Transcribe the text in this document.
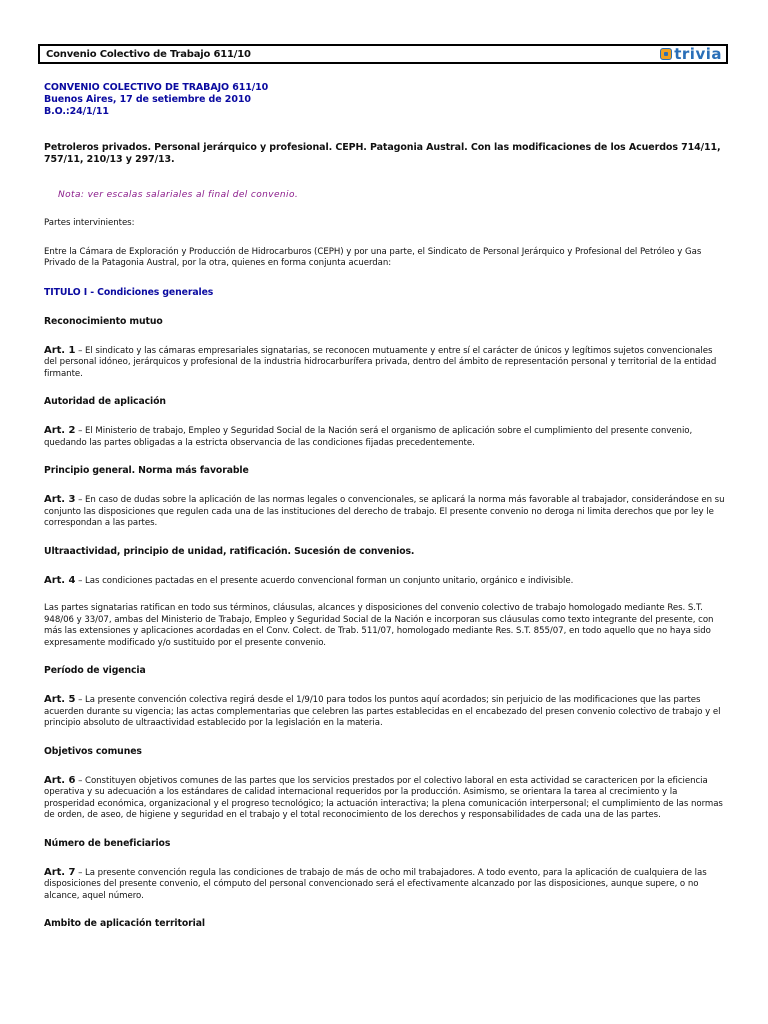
Convenio Colectivo de Trabajo 611/10	trivia

CONVENIO COLECTIVO DE TRABAJO 611/10

Buenos Aires, 17 de setiembre de 2010

B.O.:24/1/11

Petroleros privados. Personal jerárquico y profesional. CEPH. Patagonia Austral. Con las modificaciones de los Acuerdos 714/11, 757/11, 210/13 y 297/13.

Nota: ver escalas salariales al final del convenio.

Partes intervinientes:

Entre la Cámara de Exploración y Producción de Hidrocarburos (CEPH) y por una parte, el Sindicato de Personal Jerárquico y Profesional del Petróleo y Gas Privado de la Patagonia Austral, por la otra, quienes en forma conjunta acuerdan:

TITULO I - Condiciones generales

Reconocimiento mutuo

Art. 1 – El sindicato y las cámaras empresariales signatarias, se reconocen mutuamente y entre sí el carácter de únicos y legítimos sujetos convencionales del personal idóneo, jerárquicos y profesional de la industria hidrocarburífera privada, dentro del ámbito de representación personal y territorial de la entidad firmante.

Autoridad de aplicación

Art. 2 – El Ministerio de trabajo, Empleo y Seguridad Social de la Nación será el organismo de aplicación sobre el cumplimiento del presente convenio, quedando las partes obligadas a la estricta observancia de las condiciones fijadas precedentemente.

Principio general. Norma más favorable

Art. 3 – En caso de dudas sobre la aplicación de las normas legales o convencionales, se aplicará la norma más favorable al trabajador, considerándose en su conjunto las disposiciones que regulen cada una de las instituciones del derecho de trabajo. El presente convenio no deroga ni limita derechos que por ley le correspondan a las partes.

Ultraactividad, principio de unidad, ratificación. Sucesión de convenios.

Art. 4 – Las condiciones pactadas en el presente acuerdo convencional forman un conjunto unitario, orgánico e indivisible.

Las partes signatarias ratifican en todo sus términos, cláusulas, alcances y disposiciones del convenio colectivo de trabajo homologado mediante Res. S.T. 948/06 y 33/07, ambas del Ministerio de Trabajo, Empleo y Seguridad Social de la Nación e incorporan sus cláusulas como texto integrante del presente, con más las extensiones y aplicaciones acordadas en el Conv. Colect. de Trab. 511/07, homologado mediante Res. S.T. 855/07, en todo aquello que no haya sido expresamente modificado y/o sustituido por el presente convenio.

Período de vigencia

Art. 5 – La presente convención colectiva regirá desde el 1/9/10 para todos los puntos aquí acordados; sin perjuicio de las modificaciones que las partes acuerden durante su vigencia; las actas complementarias que celebren las partes establecidas en el encabezado del presen convenio colectivo de trabajo y el principio absoluto de ultraactividad establecido por la legislación en la materia.

Objetivos comunes

Art. 6 – Constituyen objetivos comunes de las partes que los servicios prestados por el colectivo laboral en esta actividad se caractericen por la eficiencia operativa y su adecuación a los estándares de calidad internacional requeridos por la producción. Asimismo, se orientara la tarea al crecimiento y la prosperidad económica, organizacional y el progreso tecnológico; la actuación interactiva; la plena comunicación interpersonal; el cumplimiento de las normas de orden, de aseo, de higiene y seguridad en el trabajo y el total reconocimiento de los derechos y responsabilidades de cada una de las partes.

Número de beneficiarios

Art. 7 – La presente convención regula las condiciones de trabajo de más de ocho mil trabajadores. A todo evento, para la aplicación de cualquiera de las disposiciones del presente convenio, el cómputo del personal convencionado será el efectivamente alcanzado por las disposiciones, aunque supere, o no alcance, aquel número.

Ambito de aplicación territorial
